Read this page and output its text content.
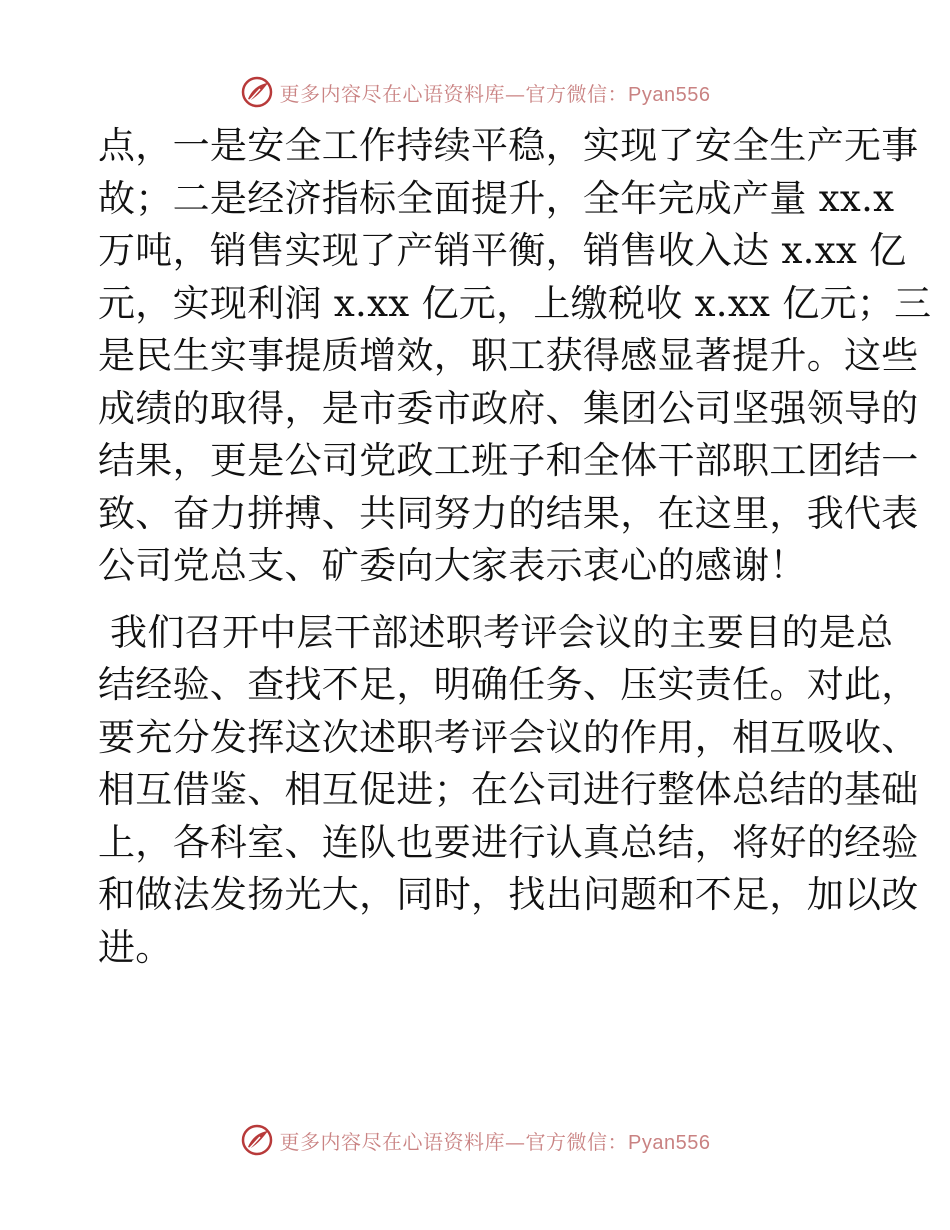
更多内容尽在心语资料库—官方微信：Pyan556

点，一是安全工作持续平稳，实现了安全生产无事
故；二是经济指标全面提升，全年完成产量 xx.x
万吨，销售实现了产销平衡，销售收入达 x.xx 亿
元，实现利润 x.xx 亿元，上缴税收 x.xx 亿元；三
是民生实事提质增效，职工获得感显著提升。这些
成绩的取得，是市委市政府、集团公司坚强领导的
结果，更是公司党政工班子和全体干部职工团结一
致、奋力拼搏、共同努力的结果，在这里，我代表
公司党总支、矿委向大家表示衷心的感谢！

我们召开中层干部述职考评会议的主要目的是总
结经验、查找不足，明确任务、压实责任。对此，
要充分发挥这次述职考评会议的作用，相互吸收、
相互借鉴、相互促进；在公司进行整体总结的基础
上，各科室、连队也要进行认真总结，将好的经验
和做法发扬光大，同时，找出问题和不足，加以改
进。

更多内容尽在心语资料库—官方微信：Pyan556
